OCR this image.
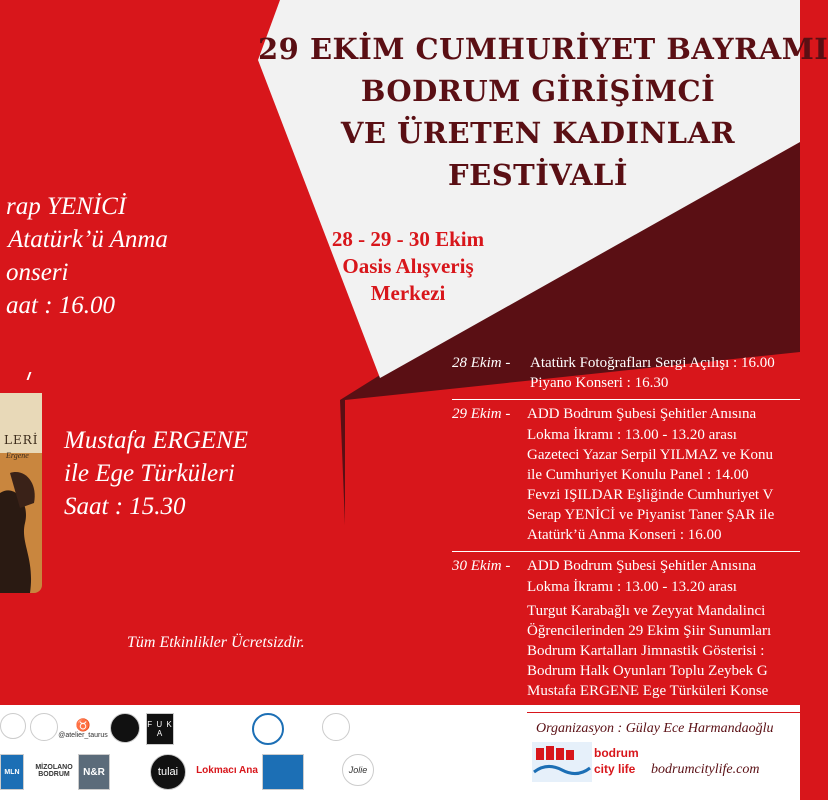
29 EKİM CUMHURİYET BAYRAMI
BODRUM GİRİŞİMCİ
VE ÜRETEN KADINLAR
FESTİVALİ
28 - 29 - 30 Ekim
Oasis Alışveriş
Merkezi
rap YENİCİ
Atatürk’ü Anma
onseri
aat : 16.00
LERİ
Ergene
Mustafa ERGENE
ile Ege Türküleri
Saat : 15.30
28 Ekim - Atatürk Fotoğrafları Sergi Açılışı : 16.00
Piyano Konseri : 16.30
29 Ekim - ADD Bodrum Şubesi Şehitler Anısına
Lokma İkramı : 13.00 - 13.20 arası
Gazeteci Yazar Serpil YILMAZ ve Konu
ile Cumhuriyet Konulu Panel : 14.00
Fevzi IŞILDAR Eşliğinde Cumhuriyet V
Serap YENİCİ ve Piyanist Taner ŞAR ile
Atatürk’ü Anma Konseri : 16.00
30 Ekim - ADD Bodrum Şubesi Şehitler Anısına
Lokma İkramı : 13.00 - 13.20 arası
Turgut Karabağlı ve Zeyyat Mandalinci
Öğrencilerinden 29 Ekim Şiir Sunumları
Bodrum Kartalları Jimnastik Gösterisi :
Bodrum Halk Oyunları Toplu Zeybek G
Mustafa ERGENE Ege Türküleri Konse
Tüm Etkinlikler Ücretsizdir.
Organizasyon : Gülay Ece Harmandaoğlu
bodrumcitylife.com
bodrum
city life
♉
@atelier_taurus
F U K A
MLN
MİZOLANO BODRUM	N&R	tulai	Lokmacı Ana	Jolie
